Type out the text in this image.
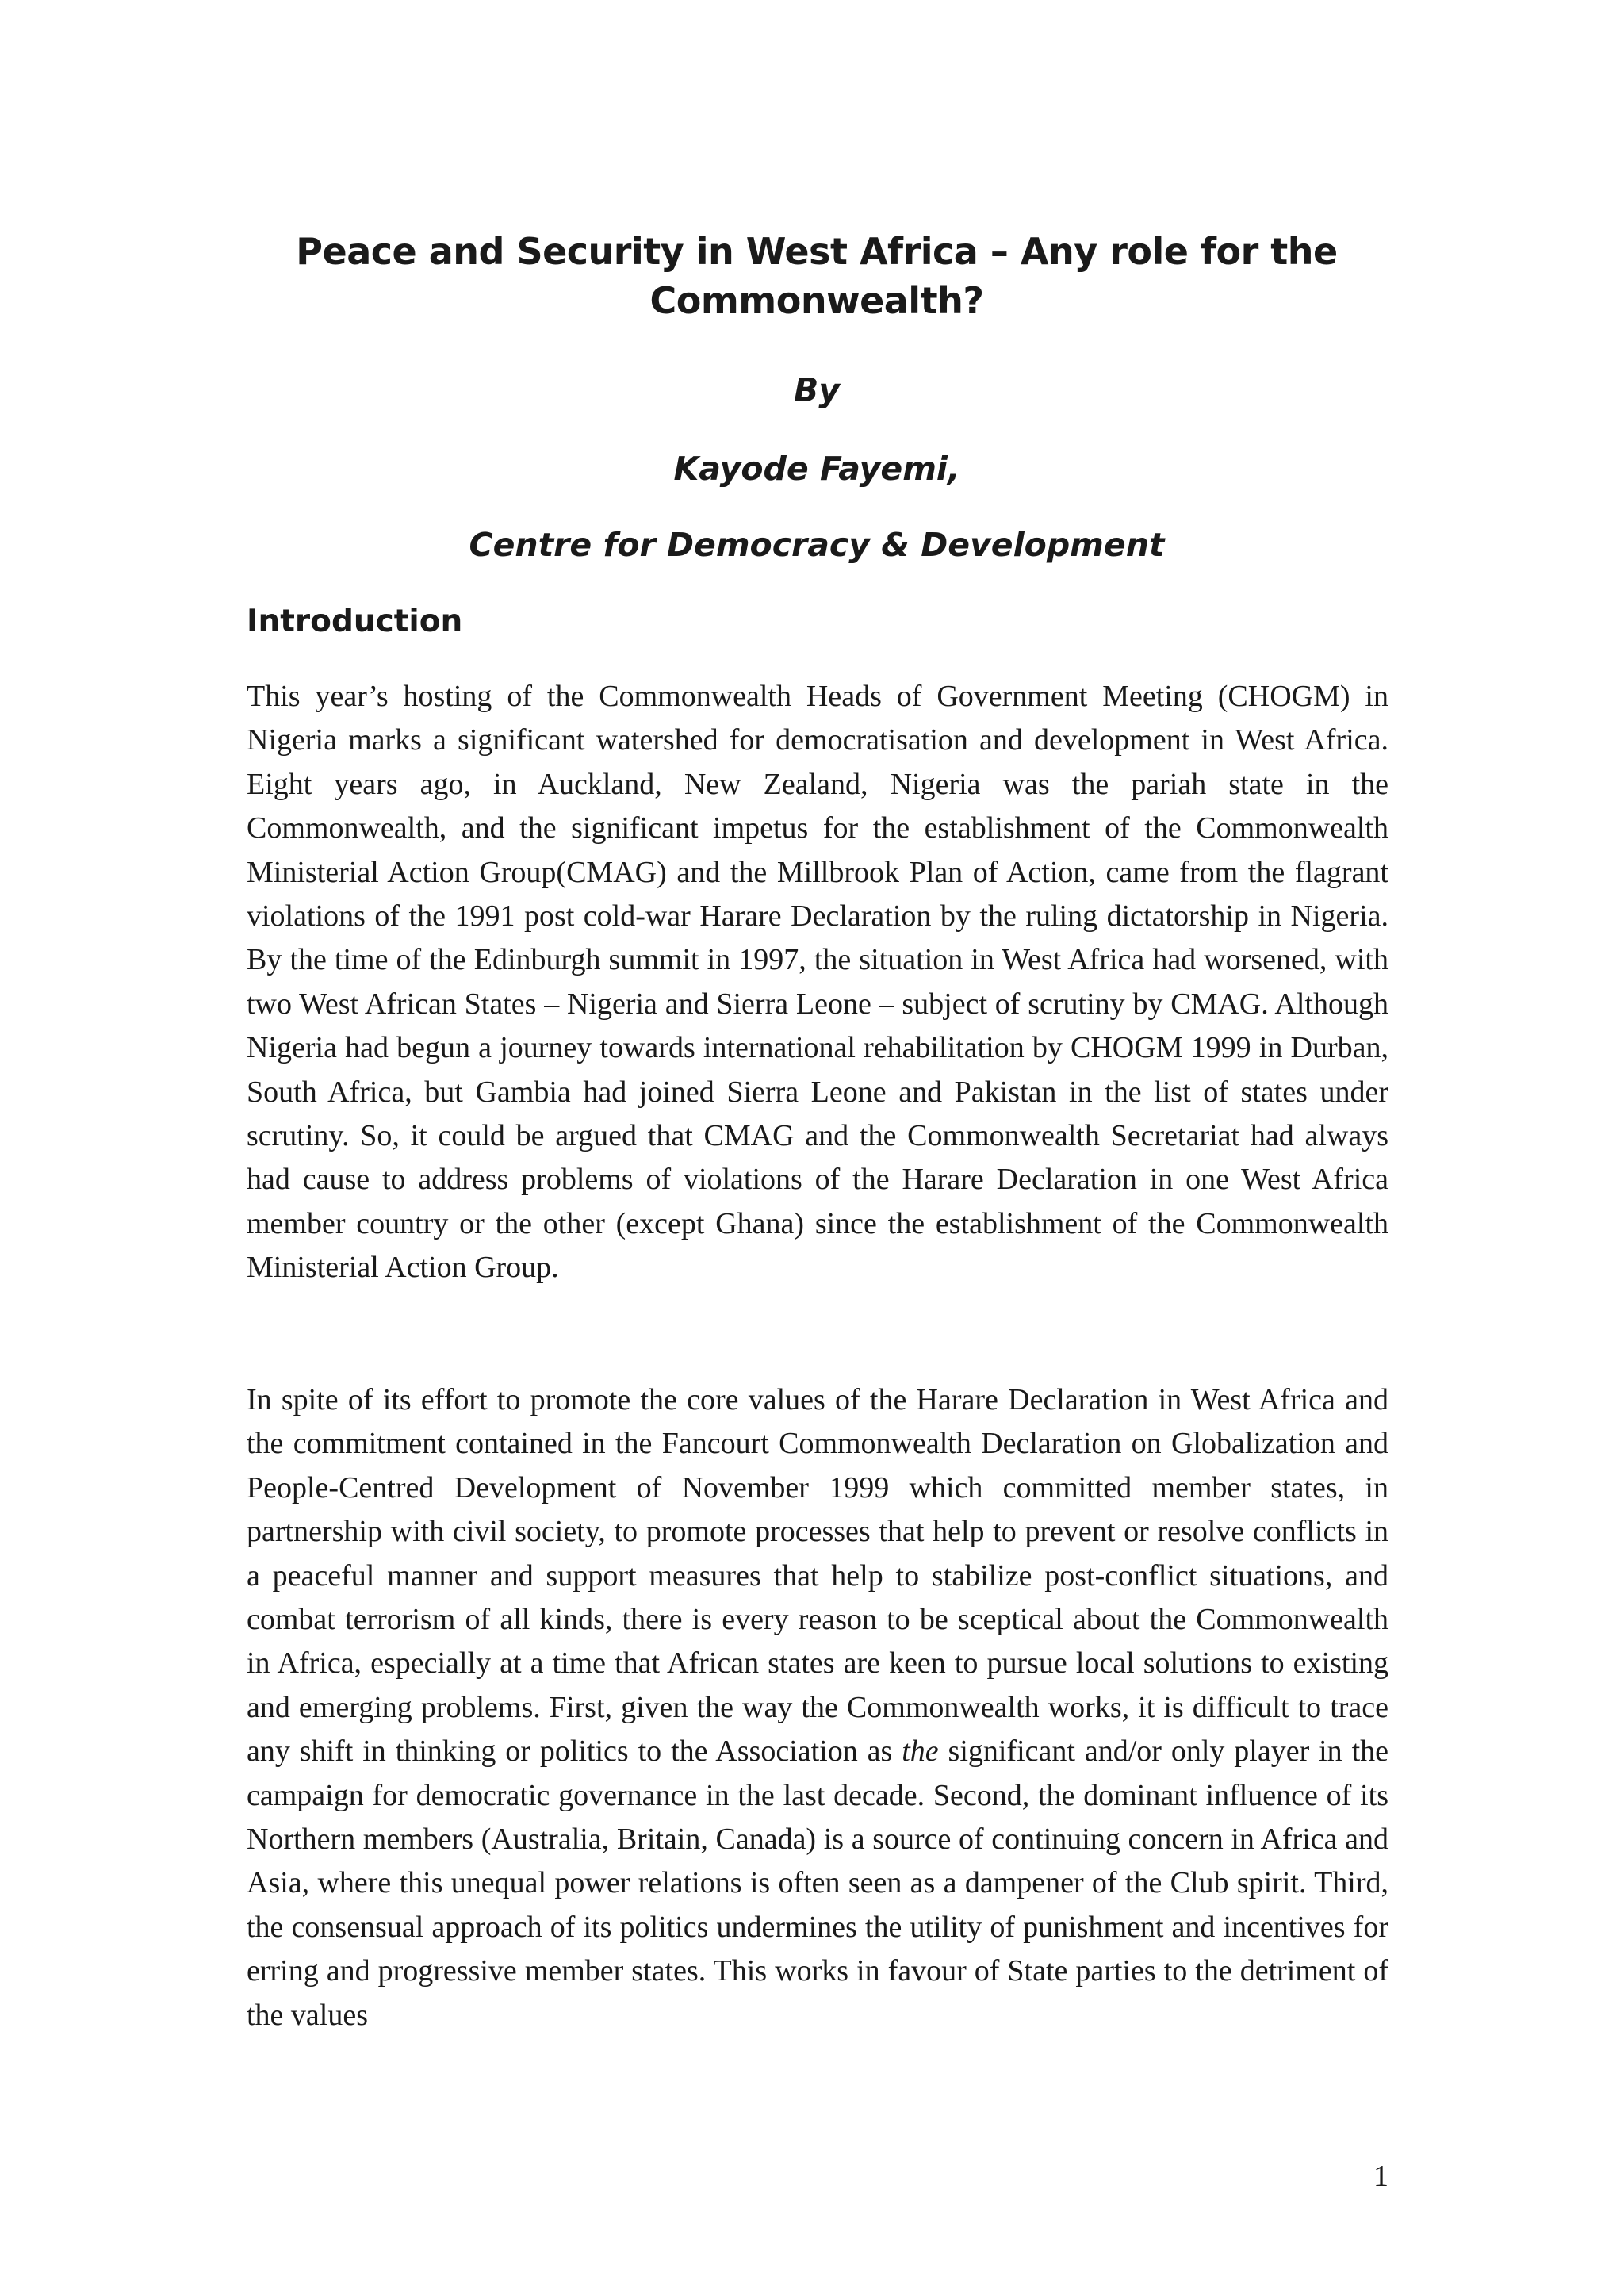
Peace and Security in West Africa – Any role for the Commonwealth?
By
Kayode Fayemi,
Centre for Democracy & Development
Introduction

This year’s hosting of the Commonwealth Heads of Government Meeting (CHOGM) in Nigeria marks a significant watershed for democratisation and development in West Africa. Eight years ago, in Auckland, New Zealand, Nigeria was the pariah state in the Commonwealth, and the significant impetus for the establishment of the Commonwealth Ministerial Action Group(CMAG) and the Millbrook Plan of Action, came from the flagrant violations of the 1991 post cold-war Harare Declaration by the ruling dictatorship in Nigeria. By the time of the Edinburgh summit in 1997, the situation in West Africa had worsened, with two West African States – Nigeria and Sierra Leone – subject of scrutiny by CMAG. Although Nigeria had begun a journey towards international rehabilitation by CHOGM 1999 in Durban, South Africa, but Gambia had joined Sierra Leone and Pakistan in the list of states under scrutiny. So, it could be argued that CMAG and the Commonwealth Secretariat had always had cause to address problems of violations of the Harare Declaration in one West Africa member country or the other (except Ghana) since the establishment of the Commonwealth Ministerial Action Group.

In spite of its effort to promote the core values of the Harare Declaration in West Africa and the commitment contained in the Fancourt Commonwealth Declaration on Globalization and People-Centred Development of November 1999 which committed member states, in partnership with civil society, to promote processes that help to prevent or resolve conflicts in a peaceful manner and support measures that help to stabilize post-conflict situations, and combat terrorism of all kinds, there is every reason to be sceptical about the Commonwealth in Africa, especially at a time that African states are keen to pursue local solutions to existing and emerging problems. First, given the way the Commonwealth works, it is difficult to trace any shift in thinking or politics to the Association as the significant and/or only player in the campaign for democratic governance in the last decade. Second, the dominant influence of its Northern members (Australia, Britain, Canada) is a source of continuing concern in Africa and Asia, where this unequal power relations is often seen as a dampener of the Club spirit. Third, the consensual approach of its politics undermines the utility of punishment and incentives for erring and progressive member states. This works in favour of State parties to the detriment of the values

1
